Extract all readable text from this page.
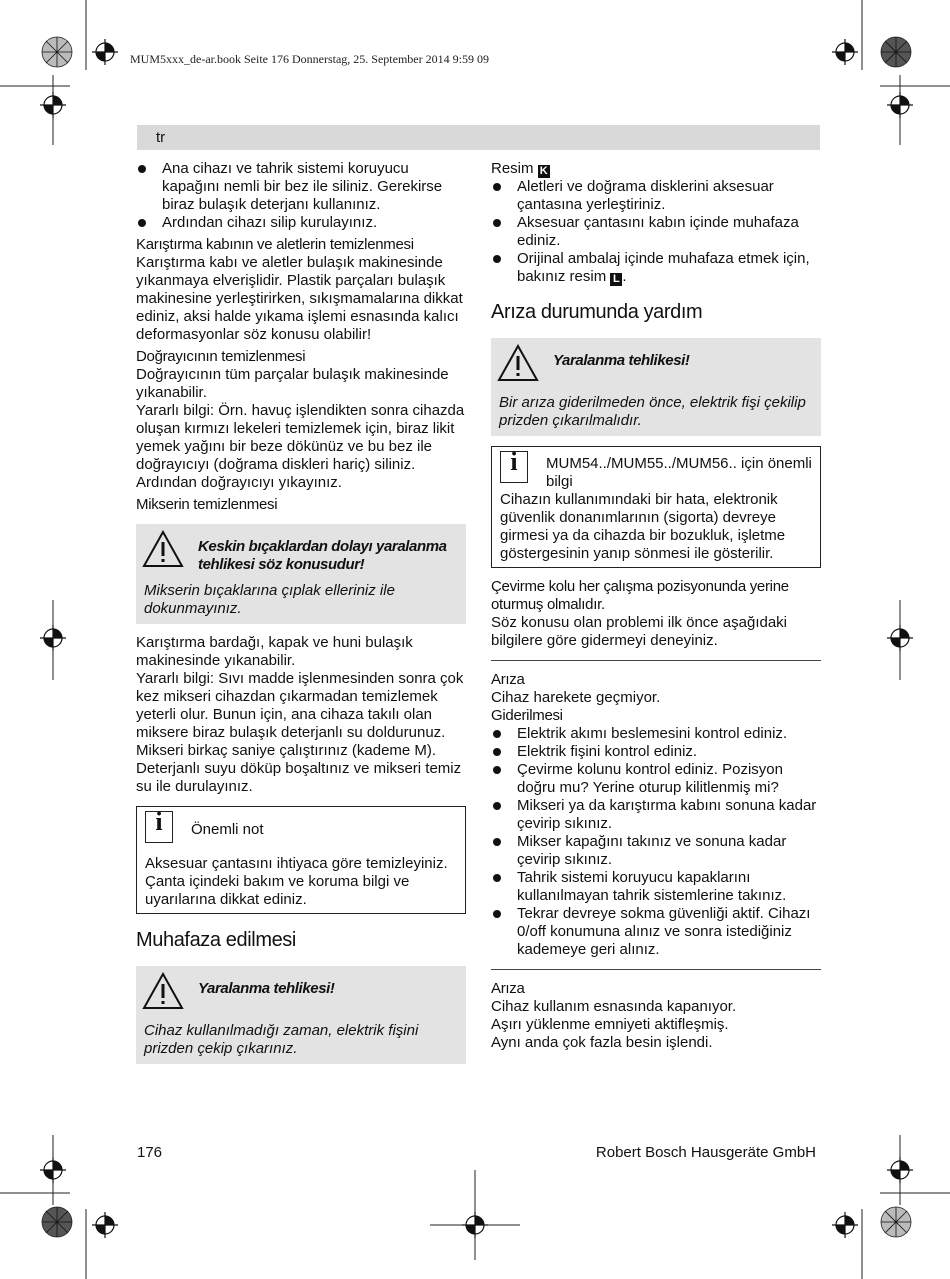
MUM5xxx_de-ar.book Seite 176 Donnerstag, 25. September 2014 9:59 09
tr
Ana cihazı ve tahrik sistemi koruyucu kapağını nemli bir bez ile siliniz. Gerekirse biraz bulaşık deterjanı kullanınız.
Ardından cihazı silip kurulayınız.
Karıştırma kabının ve aletlerin temizlenmesi

Karıştırma kabı ve aletler bulaşık makinesinde yıkanmaya elverişlidir. Plastik parçaları bulaşık makinesine yerleştirirken, sıkışmamalarına dikkat ediniz, aksi halde yıkama işlemi esnasında kalıcı deformasyonlar söz konusu olabilir!

Doğrayıcının temizlenmesi

Doğrayıcının tüm parçalar bulaşık makinesinde yıkanabilir.

Yararlı bilgi: Örn. havuç işlendikten sonra cihazda oluşan kırmızı lekeleri temizlemek için, biraz likit yemek yağını bir beze dökünüz ve bu bez ile doğrayıcıyı (doğrama diskleri hariç) siliniz. Ardından doğrayıcıyı yıkayınız.

Mikserin temizlenmesi
Keskin bıçaklardan dolayı yaralanma tehlikesi söz konusudur!
Mikserin bıçaklarına çıplak elleriniz ile dokunmayınız.

Karıştırma bardağı, kapak ve huni bulaşık makinesinde yıkanabilir.

Yararlı bilgi: Sıvı madde işlenmesinden sonra çok kez mikseri cihazdan çıkarmadan temizlemek yeterli olur. Bunun için, ana cihaza takılı olan miksere biraz bulaşık deterjanlı su doldurunuz. Mikseri birkaç saniye çalıştırınız (kademe M). Deterjanlı suyu döküp boşaltınız ve mikseri temiz su ile durulayınız.

i
Önemli not
Aksesuar çantasını ihtiyaca göre temizleyiniz. Çanta içindeki bakım ve koruma bilgi ve uyarılarına dikkat ediniz.
Muhafaza edilmesi
Yaralanma tehlikesi!
Cihaz kullanılmadığı zaman, elektrik fişini prizden çekip çıkarınız.
Resim K
Aletleri ve doğrama disklerini aksesuar çantasına yerleştiriniz.
Aksesuar çantasını kabın içinde muhafaza ediniz.
Orijinal ambalaj içinde muhafaza etmek için, bakınız resim L .
Arıza durumunda yardım
Yaralanma tehlikesi!
Bir arıza giderilmeden önce, elektrik fişi çekilip prizden çıkarılmalıdır.
i
MUM54../MUM55../MUM56.. için önemli bilgi
Cihazın kullanımındaki bir hata, elektronik güvenlik donanımlarının (sigorta) devreye girmesi ya da cihazda bir bozukluk, işletme göstergesinin yanıp sönmesi ile gösterilir.
Çevirme kolu her çalışma pozisyonunda yerine oturmuş olmalıdır.

Söz konusu olan problemi ilk önce aşağıdaki bilgilere göre gidermeyi deneyiniz.

Arıza
Cihaz harekete geçmiyor.
Giderilmesi
Elektrik akımı beslemesini kontrol ediniz.
Elektrik fişini kontrol ediniz.
Çevirme kolunu kontrol ediniz. Pozisyon doğru mu? Yerine oturup kilitlenmiş mi?
Mikseri ya da karıştırma kabını sonuna kadar çevirip sıkınız.
Mikser kapağını takınız ve sonuna kadar çevirip sıkınız.
Tahrik sistemi koruyucu kapaklarını kullanılmayan tahrik sistemlerine takınız.
Tekrar devreye sokma güvenliği aktif. Cihazı 0/off konumuna alınız ve sonra istediğiniz kademeye geri alınız.
Arıza
Cihaz kullanım esnasında kapanıyor.
Aşırı yüklenme emniyeti aktifleşmiş.
Aynı anda çok fazla besin işlendi.
176	Robert Bosch Hausgeräte GmbH
